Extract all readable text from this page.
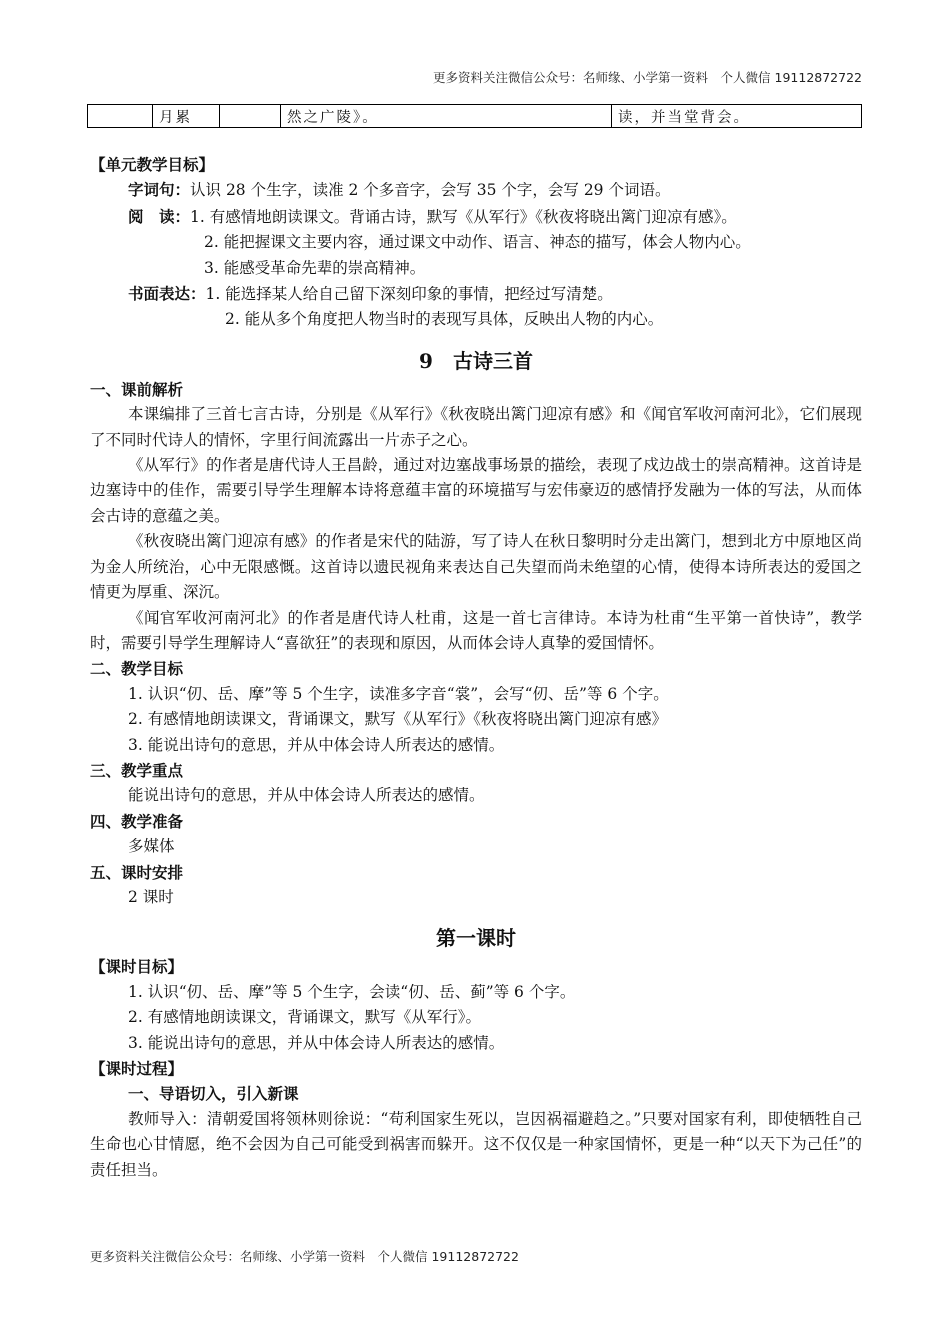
更多资料关注微信公众号：名师缘、小学第一资料　个人微信 19112872722
	月累		然之广陵》。	读，并当堂背会。
【单元教学目标】
字词句：认识 28 个生字，读准 2 个多音字，会写 35 个字，会写 29 个词语。
阅　读：1. 有感情地朗读课文。背诵古诗，默写《从军行》《秋夜将晓出篱门迎凉有感》。
2. 能把握课文主要内容，通过课文中动作、语言、神态的描写，体会人物内心。
3. 能感受革命先辈的崇高精神。
书面表达：1. 能选择某人给自己留下深刻印象的事情，把经过写清楚。
2. 能从多个角度把人物当时的表现写具体，反映出人物的内心。
9　古诗三首
一、课前解析
本课编排了三首七言古诗，分别是《从军行》《秋夜晓出篱门迎凉有感》和《闻官军收河南河北》，它们展现了不同时代诗人的情怀，字里行间流露出一片赤子之心。
《从军行》的作者是唐代诗人王昌龄，通过对边塞战事场景的描绘，表现了戍边战士的崇高精神。这首诗是边塞诗中的佳作，需要引导学生理解本诗将意蕴丰富的环境描写与宏伟豪迈的感情抒发融为一体的写法，从而体会古诗的意蕴之美。
《秋夜晓出篱门迎凉有感》的作者是宋代的陆游，写了诗人在秋日黎明时分走出篱门，想到北方中原地区尚为金人所统治，心中无限感慨。这首诗以遗民视角来表达自己失望而尚未绝望的心情，使得本诗所表达的爱国之情更为厚重、深沉。
《闻官军收河南河北》的作者是唐代诗人杜甫，这是一首七言律诗。本诗为杜甫“生平第一首快诗”，教学时，需要引导学生理解诗人“喜欲狂”的表现和原因，从而体会诗人真挚的爱国情怀。
二、教学目标
1. 认识“仞、岳、摩”等 5 个生字，读准多字音“裳”，会写“仞、岳”等 6 个字。
2. 有感情地朗读课文，背诵课文，默写《从军行》《秋夜将晓出篱门迎凉有感》
3. 能说出诗句的意思，并从中体会诗人所表达的感情。
三、教学重点
能说出诗句的意思，并从中体会诗人所表达的感情。
四、教学准备
多媒体
五、课时安排
2 课时
第一课时
【课时目标】
1. 认识“仞、岳、摩”等 5 个生字，会读“仞、岳、蓟”等 6 个字。
2. 有感情地朗读课文，背诵课文，默写《从军行》。
3. 能说出诗句的意思，并从中体会诗人所表达的感情。
【课时过程】
一、导语切入，引入新课
教师导入：清朝爱国将领林则徐说：“苟利国家生死以，岂因祸福避趋之。”只要对国家有利，即使牺牲自己生命也心甘情愿，绝不会因为自己可能受到祸害而躲开。这不仅仅是一种家国情怀，更是一种“以天下为己任”的责任担当。
更多资料关注微信公众号：名师缘、小学第一资料　个人微信 19112872722
